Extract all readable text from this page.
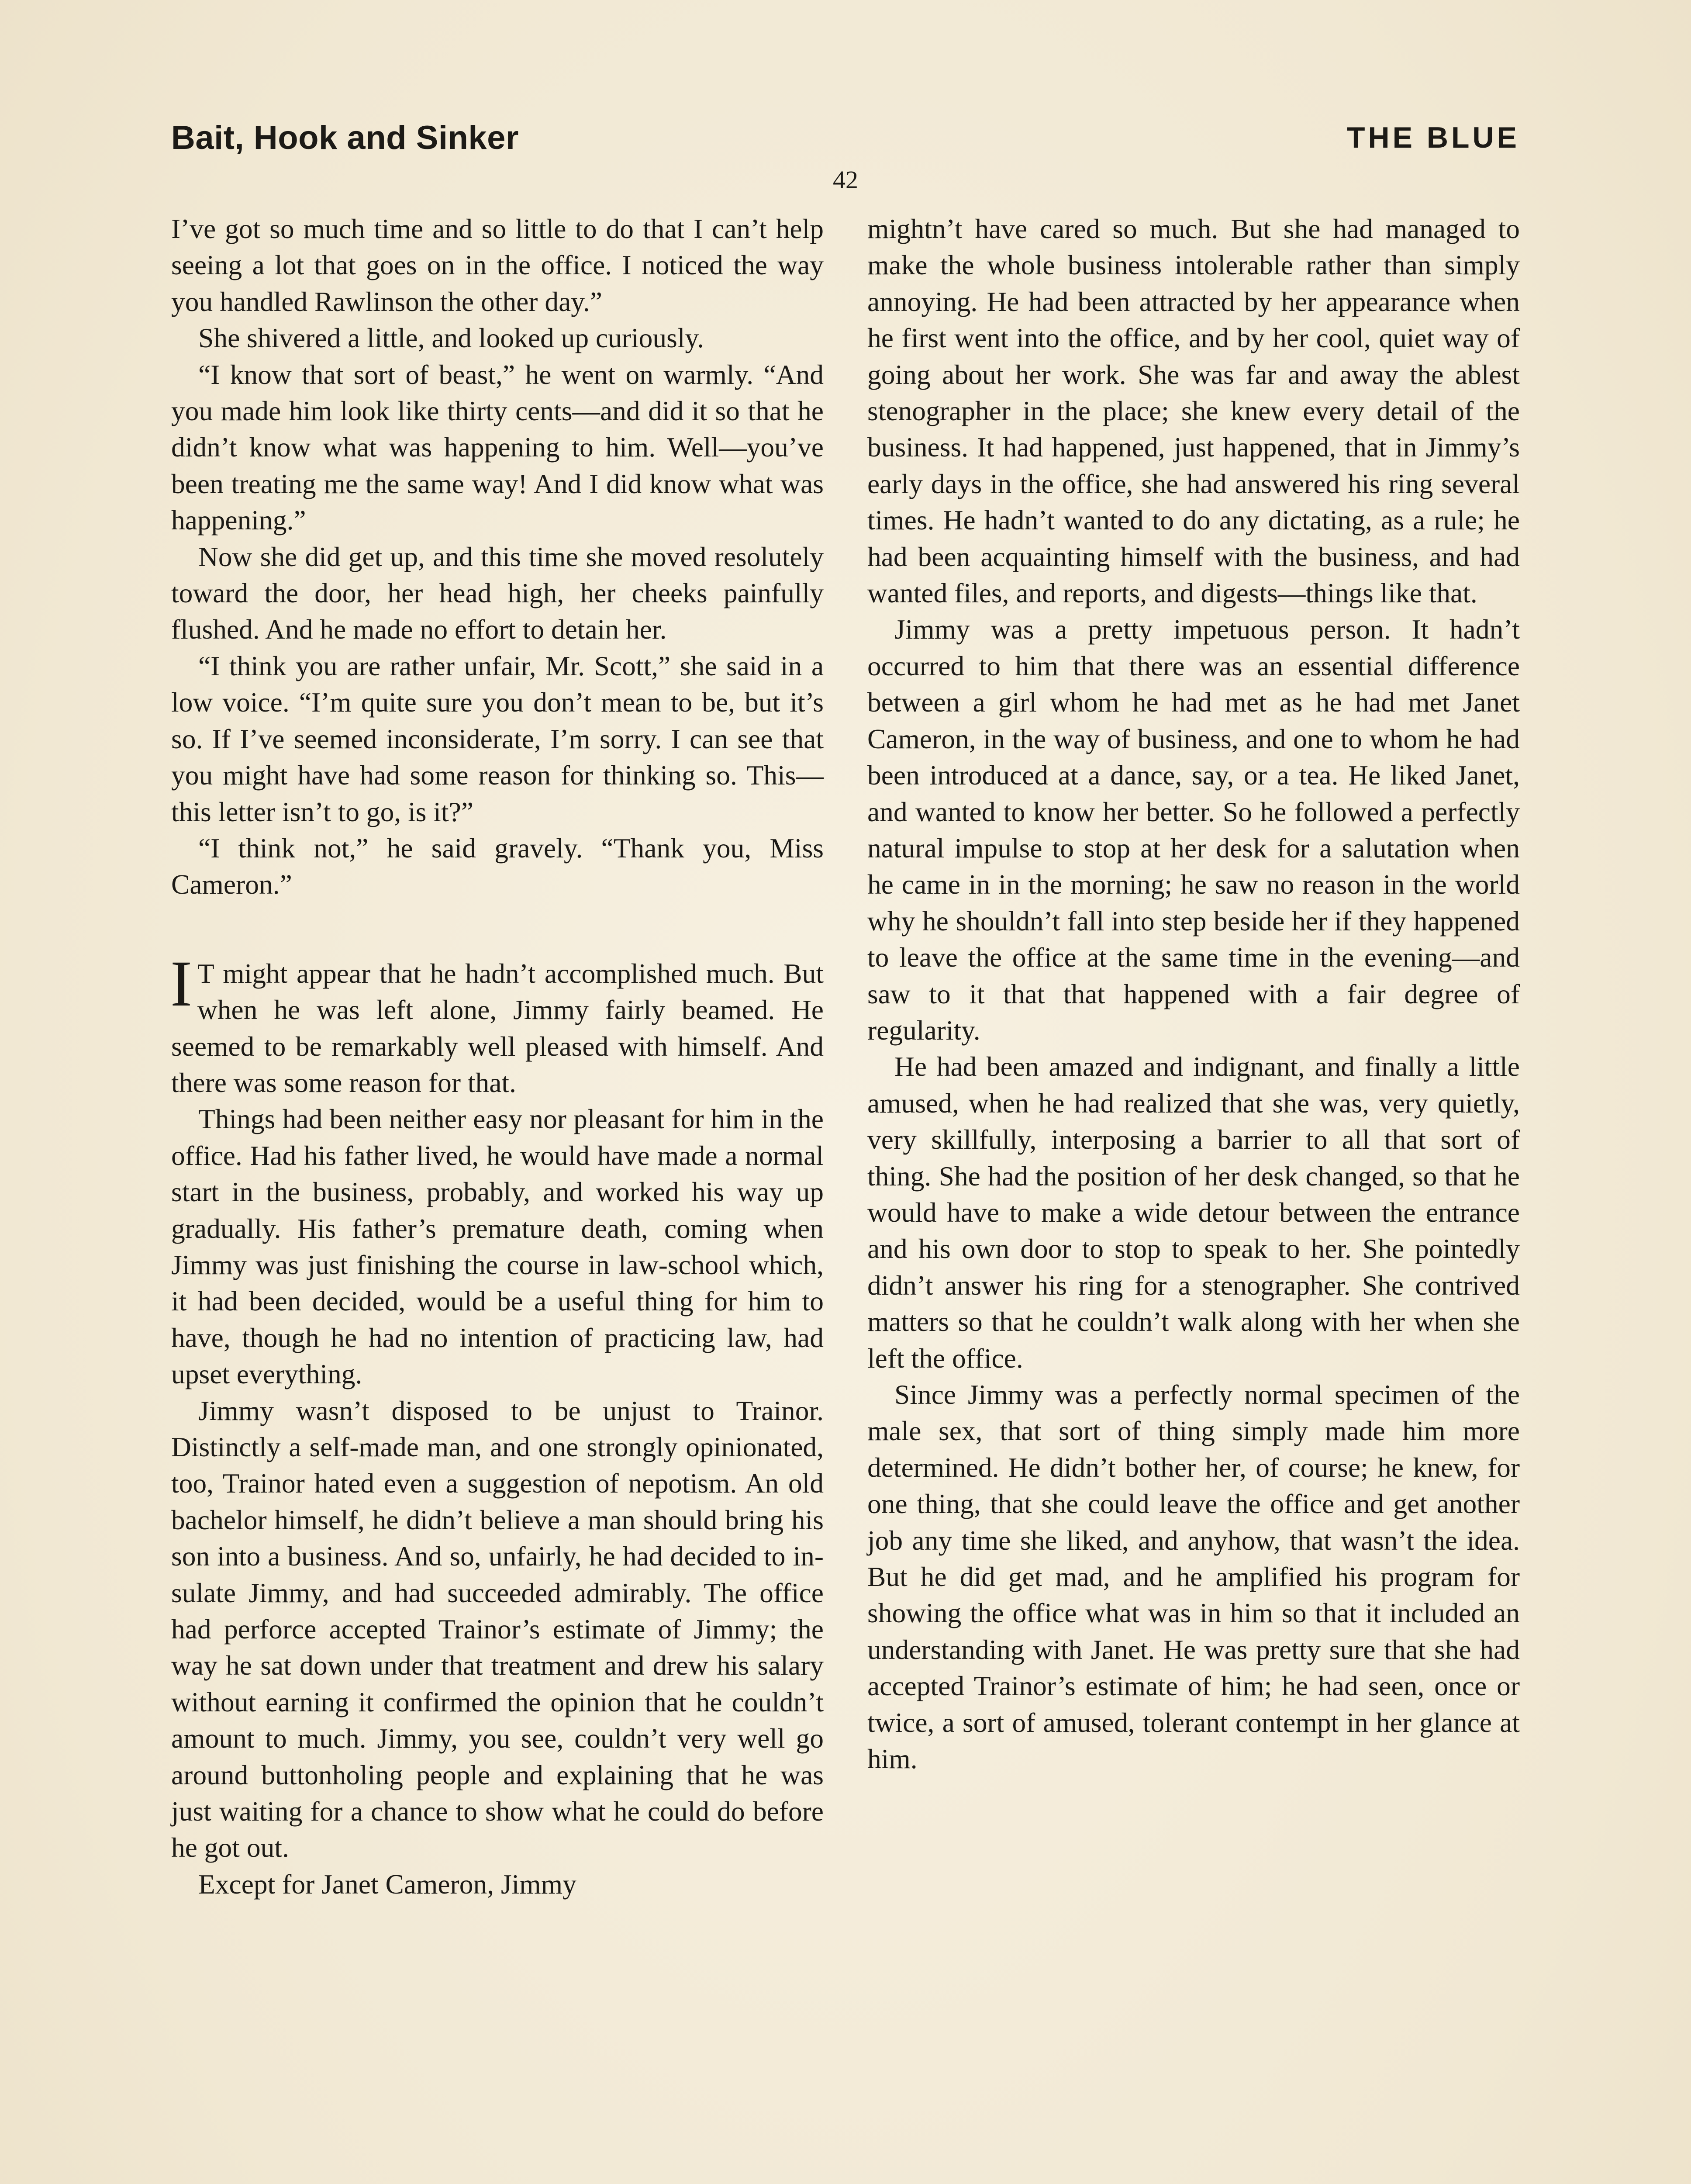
Bait, Hook and Sinker	THE BLUE
42

I’ve got so much time and so little to do that I can’t help seeing a lot that goes on in the office. I noticed the way you handled Rawlinson the other day.”

She shivered a little, and looked up curiously.

“I know that sort of beast,” he went on warmly. “And you made him look like thirty cents—and did it so that he didn’t know what was happening to him. Well—you’ve been treating me the same way! And I did know what was happening.”

Now she did get up, and this time she moved resolutely toward the door, her head high, her cheeks painfully flushed. And he made no effort to detain her.

“I think you are rather unfair, Mr. Scott,” she said in a low voice. “I’m quite sure you don’t mean to be, but it’s so. If I’ve seemed inconsiderate, I’m sorry. I can see that you might have had some reason for thinking so. This—this letter isn’t to go, is it?”

“I think not,” he said gravely. “Thank you, Miss Cameron.”

I T might appear that he hadn’t accomplished much. But when he was left alone, Jimmy fairly beamed. He seemed to be remarkably well pleased with himself. And there was some reason for that.

Things had been neither easy nor pleasant for him in the office. Had his father lived, he would have made a normal start in the business, probably, and worked his way up gradually. His father’s premature death, coming when Jimmy was just finishing the course in law-school which, it had been decided, would be a useful thing for him to have, though he had no intention of practicing law, had upset everything.

Jimmy wasn’t disposed to be unjust to Trainor. Distinctly a self-made man, and one strongly opinionated, too, Trainor hated even a suggestion of nepotism. An old bachelor himself, he didn’t believe a man should bring his son into a business. And so, unfairly, he had decided to insulate Jimmy, and had succeeded admirably. The office had perforce accepted Trainor’s estimate of Jimmy; the way he sat down under that treatment and drew his salary without earning it confirmed the opinion that he couldn’t amount to much. Jimmy, you see, couldn’t very well go around buttonholing people and explaining that he was just waiting for a chance to show what he could do before he got out.

Except for Janet Cameron, Jimmy

mightn’t have cared so much. But she had managed to make the whole business intolerable rather than simply annoying. He had been attracted by her appearance when he first went into the office, and by her cool, quiet way of going about her work. She was far and away the ablest stenographer in the place; she knew every detail of the business. It had happened, just happened, that in Jimmy’s early days in the office, she had answered his ring several times. He hadn’t wanted to do any dictating, as a rule; he had been acquainting himself with the business, and had wanted files, and reports, and digests—things like that.

Jimmy was a pretty impetuous person. It hadn’t occurred to him that there was an essential difference between a girl whom he had met as he had met Janet Cameron, in the way of business, and one to whom he had been introduced at a dance, say, or a tea. He liked Janet, and wanted to know her better. So he followed a perfectly natural impulse to stop at her desk for a salutation when he came in in the morning; he saw no reason in the world why he shouldn’t fall into step beside her if they happened to leave the office at the same time in the evening—and saw to it that that happened with a fair degree of regularity.

He had been amazed and indignant, and finally a little amused, when he had realized that she was, very quietly, very skillfully, interposing a barrier to all that sort of thing. She had the position of her desk changed, so that he would have to make a wide detour between the entrance and his own door to stop to speak to her. She pointedly didn’t answer his ring for a stenographer. She contrived matters so that he couldn’t walk along with her when she left the office.

Since Jimmy was a perfectly normal specimen of the male sex, that sort of thing simply made him more determined. He didn’t bother her, of course; he knew, for one thing, that she could leave the office and get another job any time she liked, and anyhow, that wasn’t the idea. But he did get mad, and he amplified his program for showing the office what was in him so that it included an understanding with Janet. He was pretty sure that she had accepted Trainor’s estimate of him; he had seen, once or twice, a sort of amused, tolerant contempt in her glance at him.
